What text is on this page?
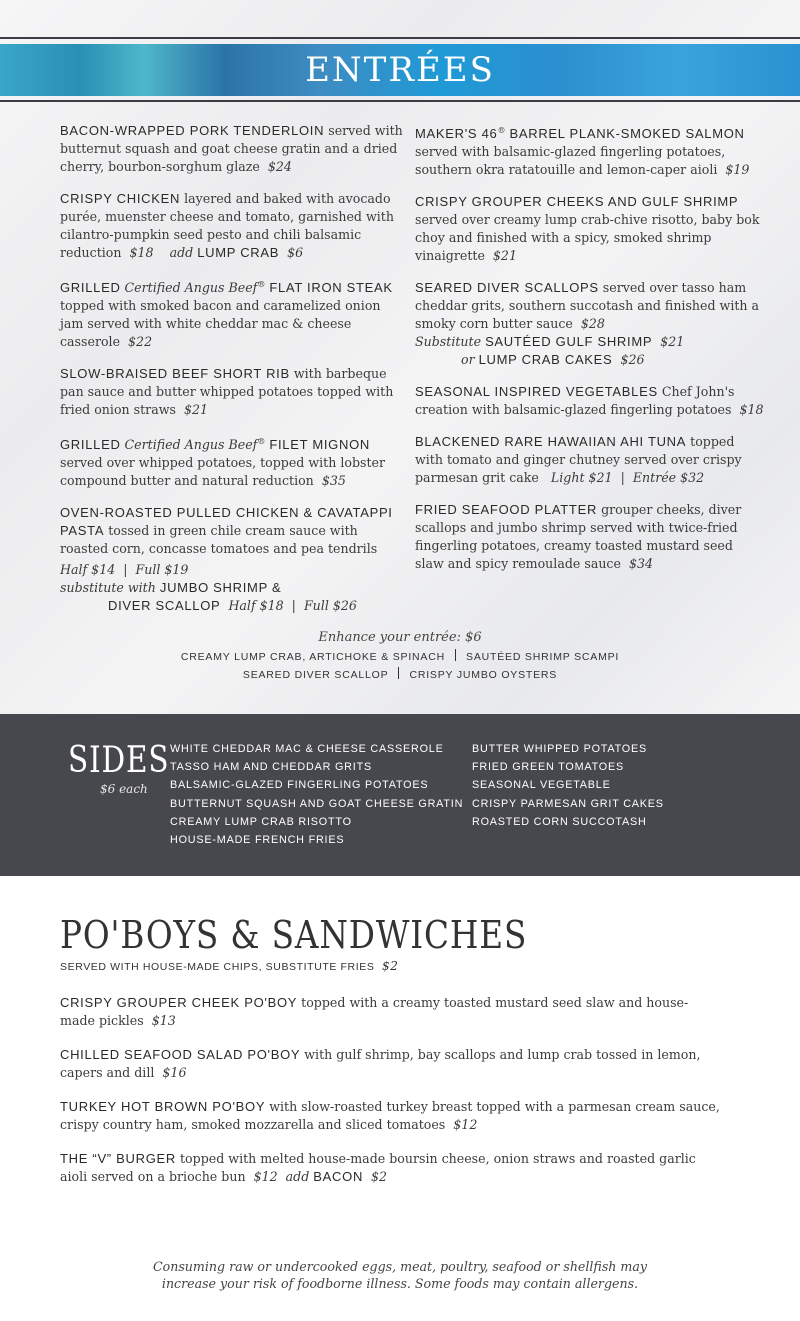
ENTRÉES
BACON-WRAPPED PORK TENDERLOIN served with butternut squash and goat cheese gratin and a dried cherry, bourbon-sorghum glaze $24
CRISPY CHICKEN layered and baked with avocado purée, muenster cheese and tomato, garnished with cilantro-pumpkin seed pesto and chili balsamic reduction $18 add LUMP CRAB $6
GRILLED Certified Angus Beef® FLAT IRON STEAK topped with smoked bacon and caramelized onion jam served with white cheddar mac & cheese casserole $22
SLOW-BRAISED BEEF SHORT RIB with barbeque pan sauce and butter whipped potatoes topped with fried onion straws $21
GRILLED Certified Angus Beef® FILET MIGNON served over whipped potatoes, topped with lobster compound butter and natural reduction $35
OVEN-ROASTED PULLED CHICKEN & CAVATAPPI PASTA tossed in green chile cream sauce with roasted corn, concasse tomatoes and pea tendrils
Half $14  |  Full $19
substitute with JUMBO SHRIMP &
DIVER SCALLOP Half $18  |  Full $26
MAKER'S 46® BARREL PLANK-SMOKED SALMON served with balsamic-glazed fingerling potatoes, southern okra ratatouille and lemon-caper aioli $19
CRISPY GROUPER CHEEKS AND GULF SHRIMP served over creamy lump crab-chive risotto, baby bok choy and finished with a spicy, smoked shrimp vinaigrette $21
SEARED DIVER SCALLOPS served over tasso ham cheddar grits, southern succotash and finished with a smoky corn butter sauce $28
Substitute SAUTÉED GULF SHRIMP $21
or LUMP CRAB CAKES $26
SEASONAL INSPIRED VEGETABLES Chef John's creation with balsamic-glazed fingerling potatoes $18
BLACKENED RARE HAWAIIAN AHI TUNA topped with tomato and ginger chutney served over crispy parmesan grit cake Light $21  |  Entrée $32
FRIED SEAFOOD PLATTER grouper cheeks, diver scallops and jumbo shrimp served with twice-fried fingerling potatoes, creamy toasted mustard seed slaw and spicy remoulade sauce $34
Enhance your entrée: $6
CREAMY LUMP CRAB, ARTICHOKE & SPINACH SAUTÉED SHRIMP SCAMPI
SEARED DIVER SCALLOP CRISPY JUMBO OYSTERS
SIDES
$6 each
WHITE CHEDDAR MAC & CHEESE CASSEROLE
TASSO HAM AND CHEDDAR GRITS
BALSAMIC-GLAZED FINGERLING POTATOES
BUTTERNUT SQUASH AND GOAT CHEESE GRATIN
CREAMY LUMP CRAB RISOTTO
HOUSE-MADE FRENCH FRIES
BUTTER WHIPPED POTATOES
FRIED GREEN TOMATOES
SEASONAL VEGETABLE
CRISPY PARMESAN GRIT CAKES
ROASTED CORN SUCCOTASH
PO'BOYS & SANDWICHES
SERVED WITH HOUSE-MADE CHIPS, SUBSTITUTE FRIES $2
CRISPY GROUPER CHEEK PO'BOY topped with a creamy toasted mustard seed slaw and house-made pickles $13
CHILLED SEAFOOD SALAD PO'BOY with gulf shrimp, bay scallops and lump crab tossed in lemon, capers and dill $16
TURKEY HOT BROWN PO'BOY with slow-roasted turkey breast topped with a parmesan cream sauce, crispy country ham, smoked mozzarella and sliced tomatoes $12
THE “V” BURGER topped with melted house-made boursin cheese, onion straws and roasted garlic aioli served on a brioche bun $12 add BACON $2
Consuming raw or undercooked eggs, meat, poultry, seafood or shellfish may
increase your risk of foodborne illness. Some foods may contain allergens.
